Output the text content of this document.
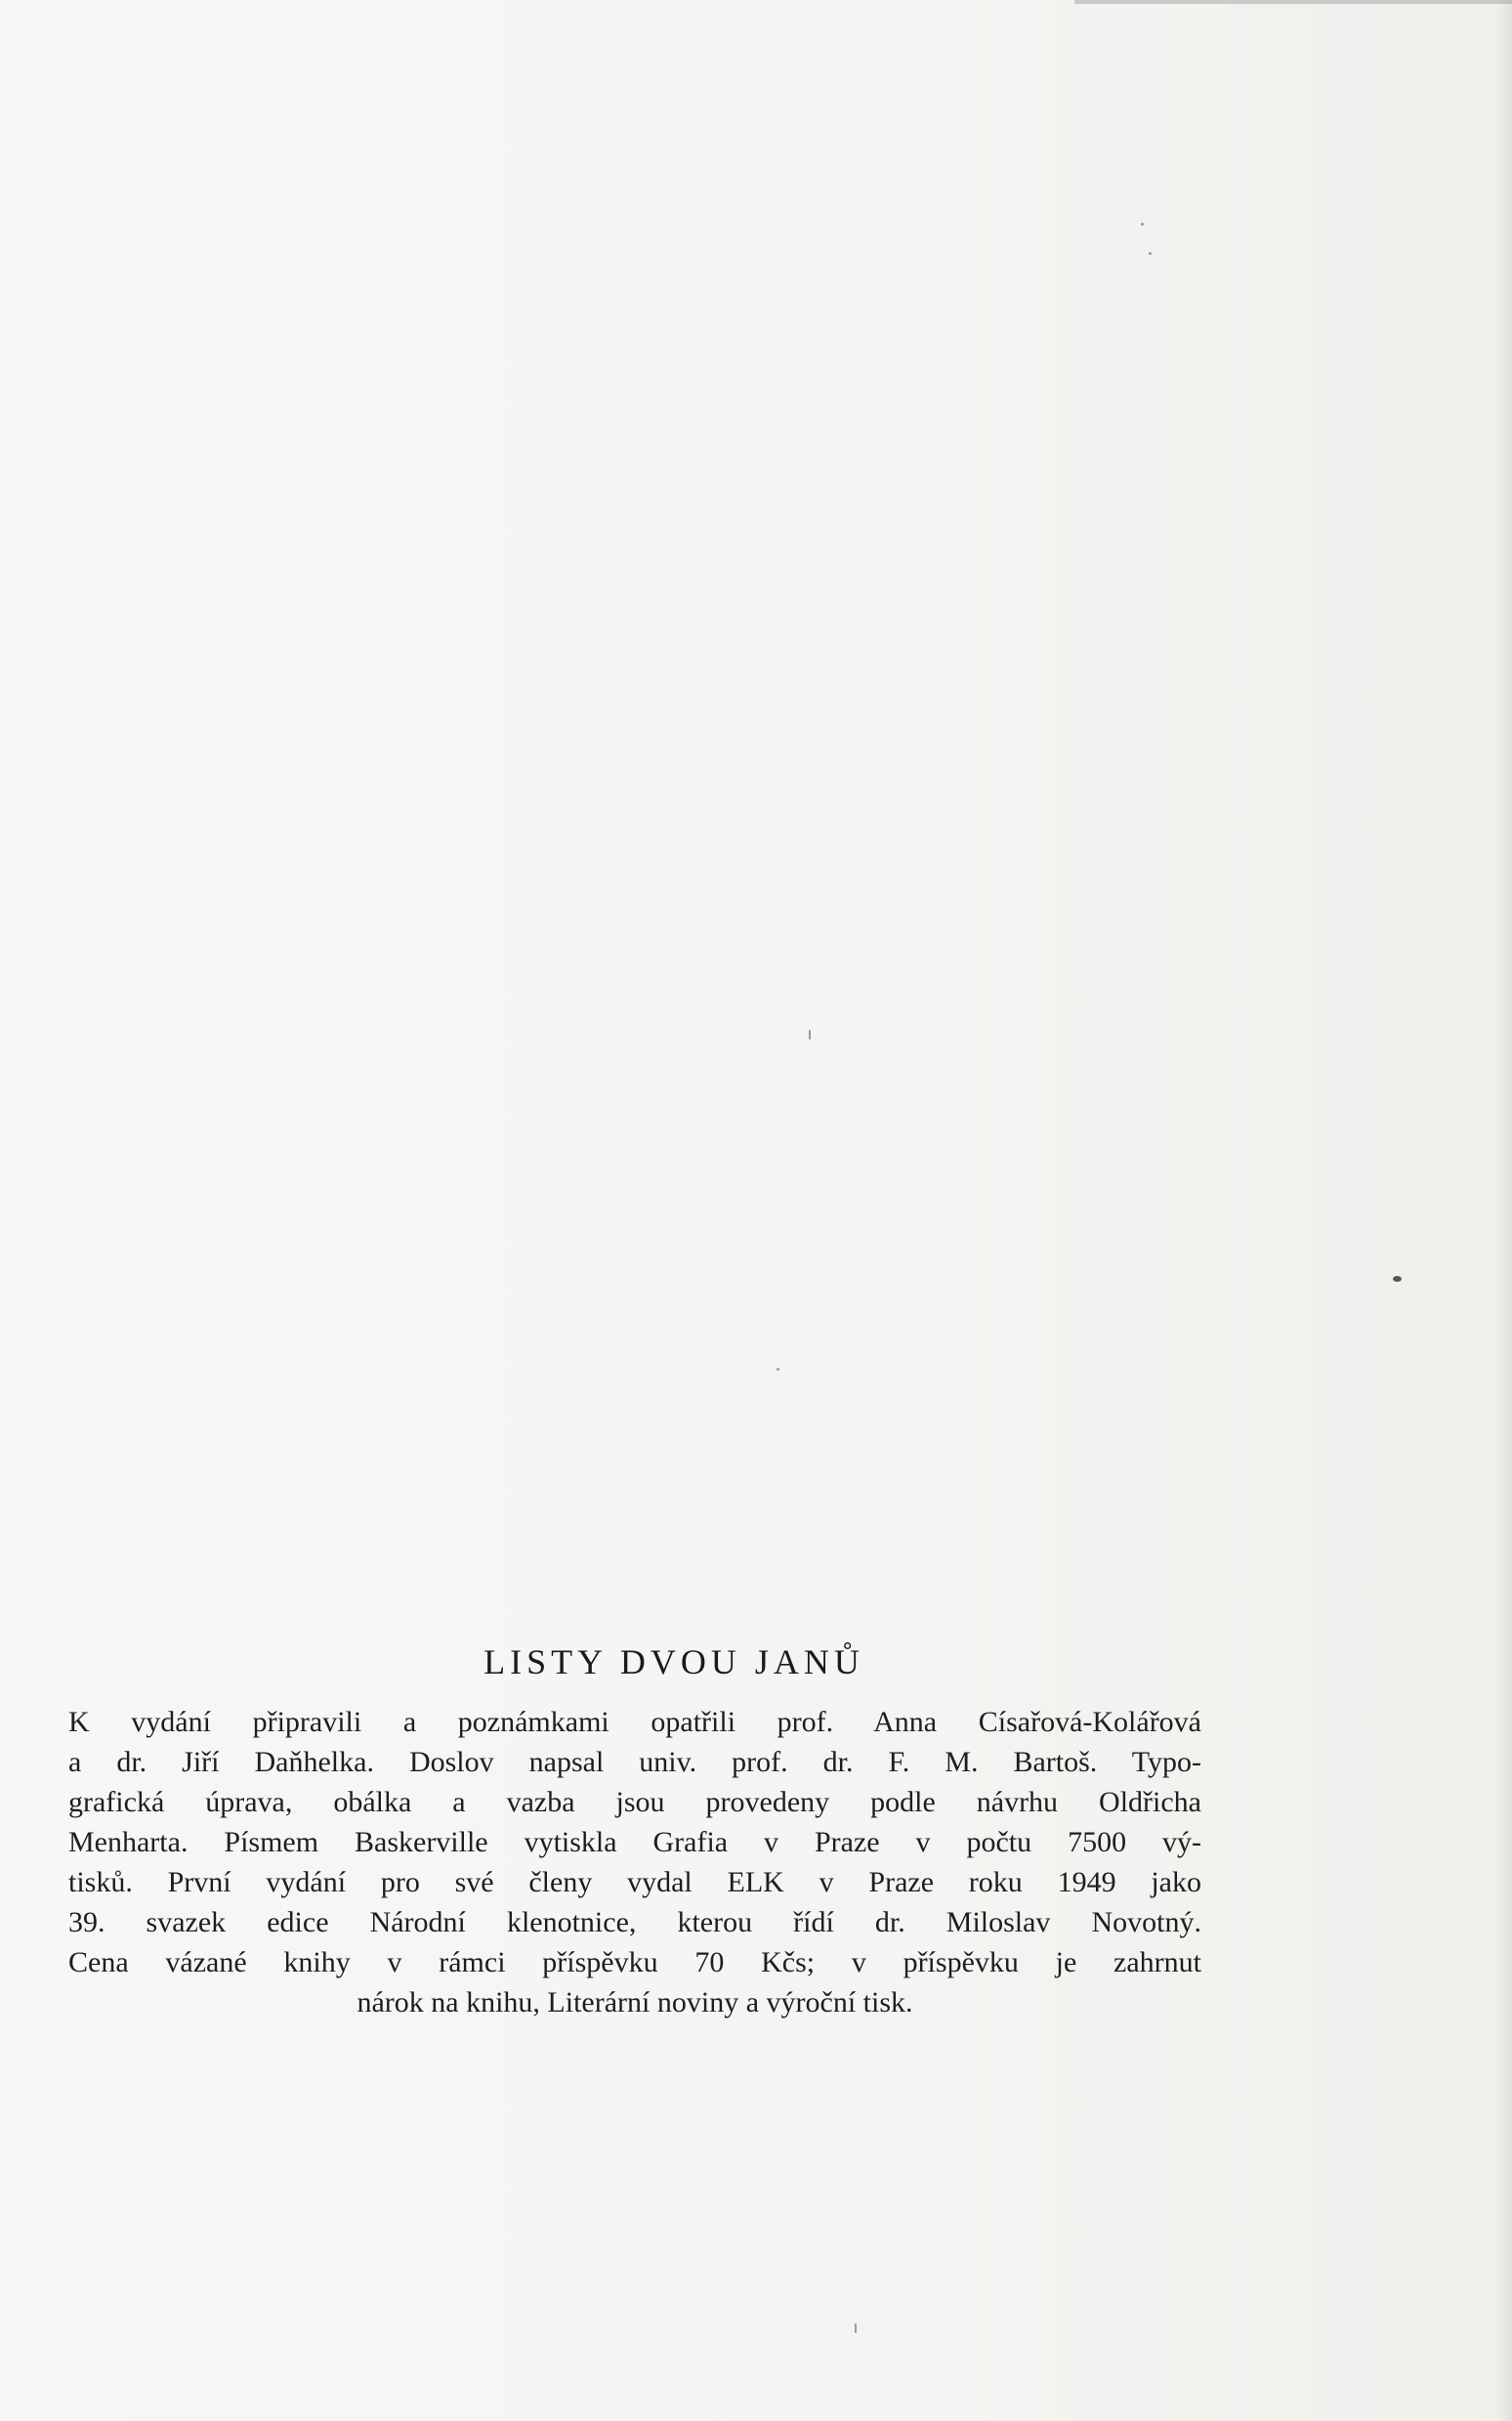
LISTY DVOU JANŮ
K vydání připravili a poznámkami opatřili prof. Anna Císařová-Kolářová
a dr. Jiří Daňhelka. Doslov napsal univ. prof. dr. F. M. Bartoš. Typo-
grafická úprava, obálka a vazba jsou provedeny podle návrhu Oldřicha
Menharta. Písmem Baskerville vytiskla Grafia v Praze v počtu 7500 vý-
tisků. První vydání pro své členy vydal ELK v Praze roku 1949 jako
39. svazek edice Národní klenotnice, kterou řídí dr. Miloslav Novotný.
Cena vázané knihy v rámci příspěvku 70 Kčs; v příspěvku je zahrnut
nárok na knihu, Literární noviny a výroční tisk.
